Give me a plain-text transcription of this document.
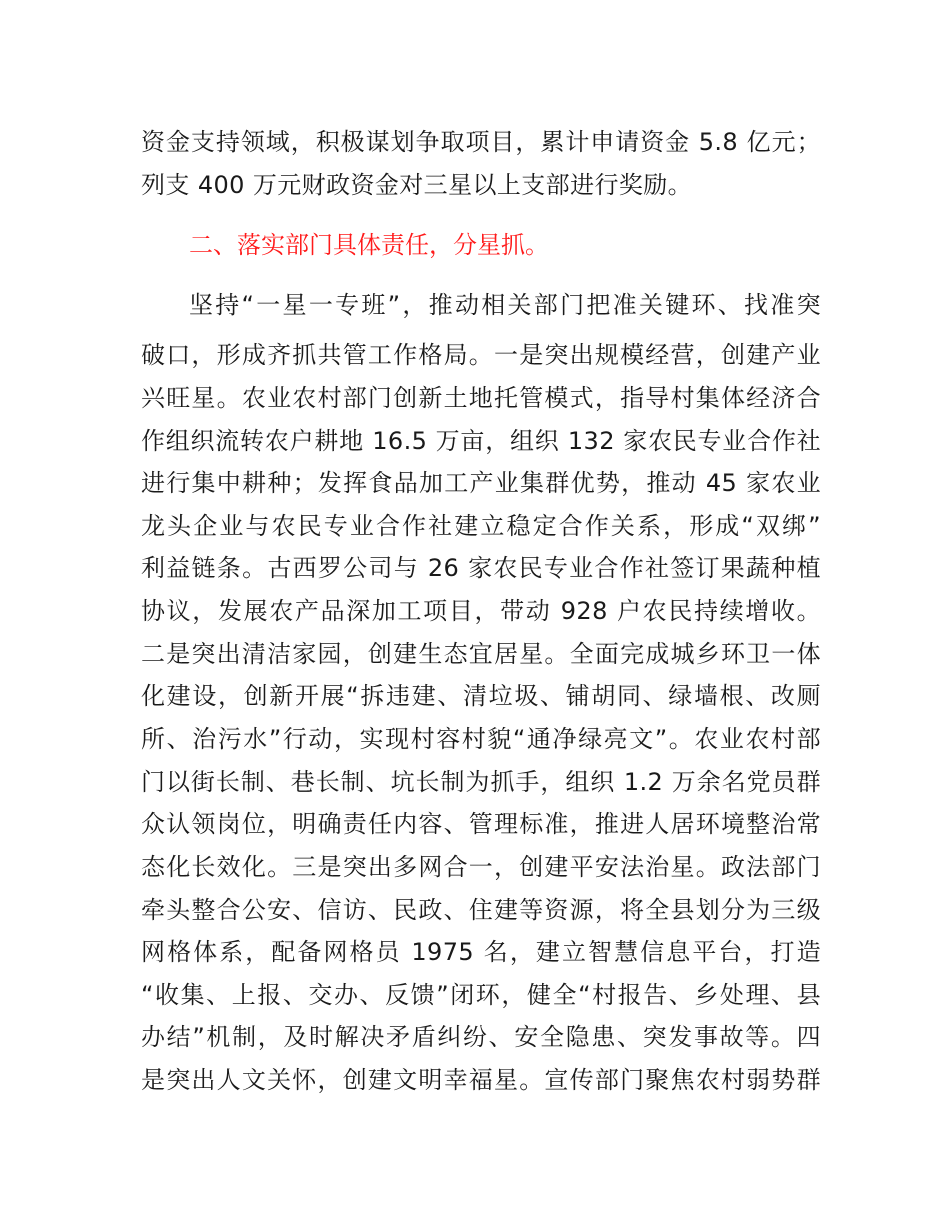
资金支持领域，积极谋划争取项目，累计申请资金 5.8 亿元；
列支 400 万元财政资金对三星以上支部进行奖励。
二、落实部门具体责任，分星抓。
坚持“一星一专班”，推动相关部门把准关键环、找准突
破口，形成齐抓共管工作格局。一是突出规模经营，创建产业
兴旺星。农业农村部门创新土地托管模式，指导村集体经济合
作组织流转农户耕地 16.5 万亩，组织 132 家农民专业合作社
进行集中耕种；发挥食品加工产业集群优势，推动 45 家农业
龙头企业与农民专业合作社建立稳定合作关系，形成“双绑”
利益链条。古西罗公司与 26 家农民专业合作社签订果蔬种植
协议，发展农产品深加工项目，带动 928 户农民持续增收。
二是突出清洁家园，创建生态宜居星。全面完成城乡环卫一体
化建设，创新开展“拆违建、清垃圾、铺胡同、绿墙根、改厕
所、治污水”行动，实现村容村貌“通净绿亮文”。农业农村部
门以街长制、巷长制、坑长制为抓手，组织 1.2 万余名党员群
众认领岗位，明确责任内容、管理标准，推进人居环境整治常
态化长效化。三是突出多网合一，创建平安法治星。政法部门
牵头整合公安、信访、民政、住建等资源，将全县划分为三级
网格体系，配备网格员 1975 名，建立智慧信息平台，打造
“收集、上报、交办、反馈”闭环，健全“村报告、乡处理、县
办结”机制，及时解决矛盾纠纷、安全隐患、突发事故等。四
是突出人文关怀，创建文明幸福星。宣传部门聚焦农村弱势群
